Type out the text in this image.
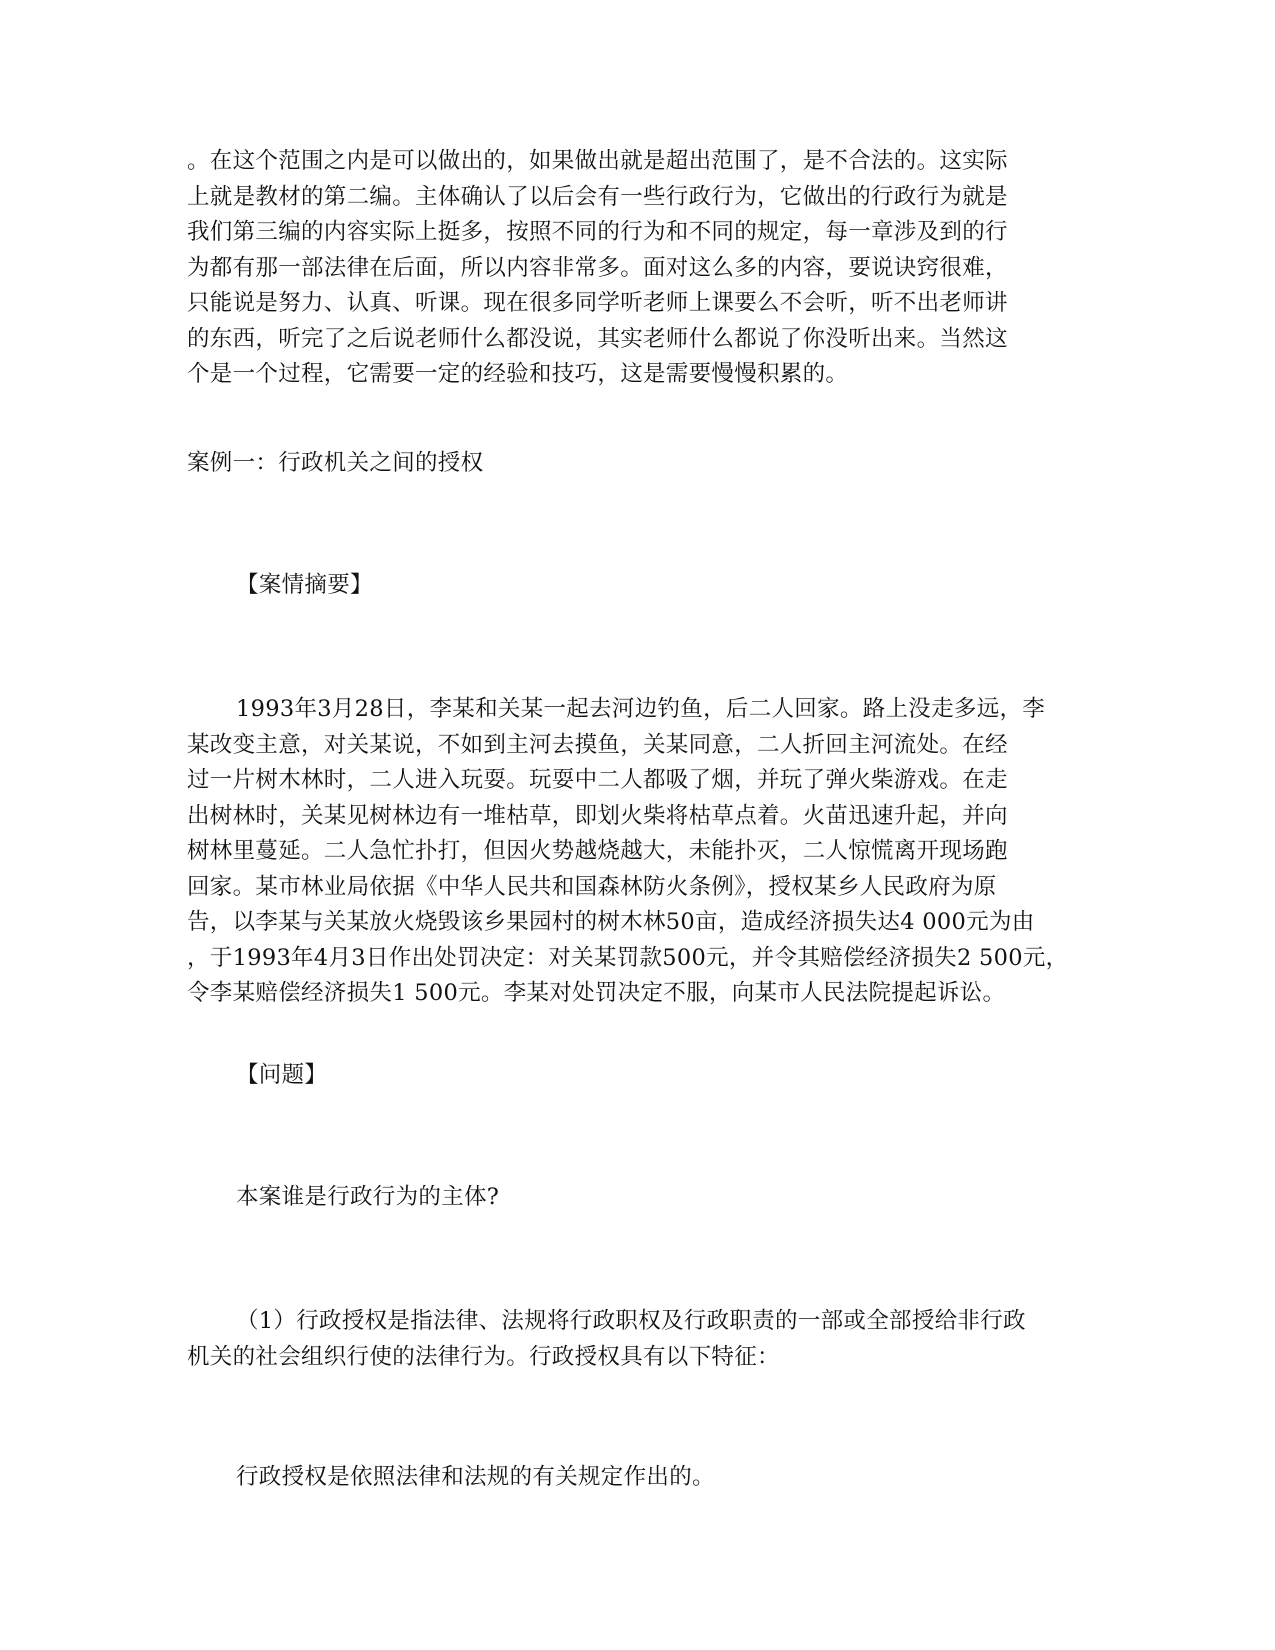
。在这个范围之内是可以做出的，如果做出就是超出范围了，是不合法的。这实际
上就是教材的第二编。主体确认了以后会有一些行政行为，它做出的行政行为就是
我们第三编的内容实际上挺多，按照不同的行为和不同的规定，每一章涉及到的行
为都有那一部法律在后面，所以内容非常多。面对这么多的内容，要说诀窍很难，
只能说是努力、认真、听课。现在很多同学听老师上课要么不会听，听不出老师讲
的东西，听完了之后说老师什么都没说，其实老师什么都说了你没听出来。当然这
个是一个过程，它需要一定的经验和技巧，这是需要慢慢积累的。
案例一：行政机关之间的授权
【案情摘要】
1993年3月28日，李某和关某一起去河边钓鱼，后二人回家。路上没走多远，李
某改变主意，对关某说，不如到主河去摸鱼，关某同意，二人折回主河流处。在经
过一片树木林时，二人进入玩耍。玩耍中二人都吸了烟，并玩了弹火柴游戏。在走
出树林时，关某见树林边有一堆枯草，即划火柴将枯草点着。火苗迅速升起，并向
树林里蔓延。二人急忙扑打，但因火势越烧越大，未能扑灭，二人惊慌离开现场跑
回家。某市林业局依据《中华人民共和国森林防火条例》，授权某乡人民政府为原
告，以李某与关某放火烧毁该乡果园村的树木林50亩，造成经济损失达4 000元为由
，于1993年4月3日作出处罚决定：对关某罚款500元，并令其赔偿经济损失2 500元，
令李某赔偿经济损失1 500元。李某对处罚决定不服，向某市人民法院提起诉讼。
【问题】
本案谁是行政行为的主体?
（1）行政授权是指法律、法规将行政职权及行政职责的一部或全部授给非行政
机关的社会组织行使的法律行为。行政授权具有以下特征：
行政授权是依照法律和法规的有关规定作出的。
